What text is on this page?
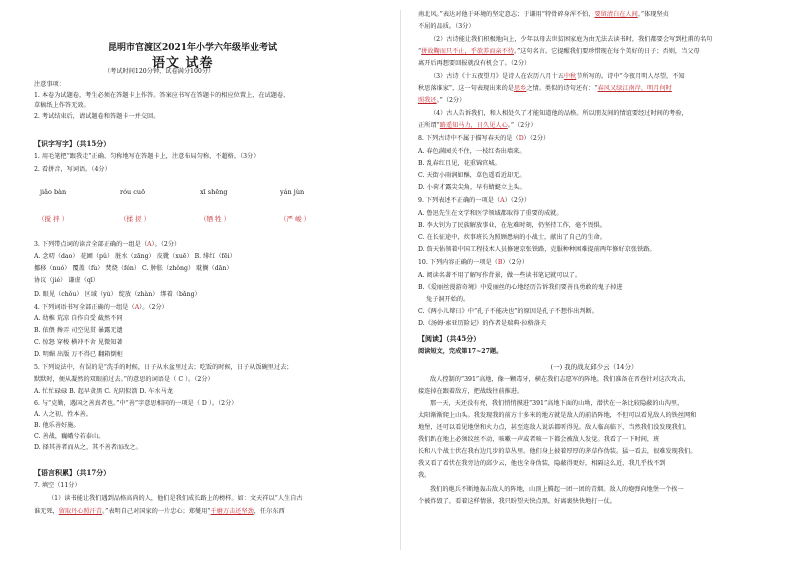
昆明市官渡区2021年小学六年级毕业考试
语文 试卷
（考试时间120分钟，试卷满分100分）
注意事项：
1. 本卷为试题卷，考生必须在答题卡上作答。答案应书写在答题卡的相应位置上，在试题卷、
草稿纸上作答无效。
2. 考试结束后，请试题卷和答题卡一并交回。
【识字写字】（共15分）
1. 用毛笔把“跟我走”正确、匀称地写在答题卡上，注意布局匀称，不超格。（3分）
2. 看拼音，写词语。（4分）
jiǎo bàn	róu cuō	xī shēng	yán jùn
（搅 拌 ）	（揉 搓 ）	（牺 牲 ）	（严 峻 ）
3. 下列带点词的读音全部正确的一组是（A）。（2分）
A. 念叨（dao） 花圃（pǔ） 脏水（zāng） 皮靴（xuē） B. 绯红（fēi）
挪移（nuó） 覆盖（fù） 焚烧（fén） C. 肿胀（zhǒng） 耽搁（dān）
协议（jié） 谦虚（qī）
D. 眼见（chǒu） 区域（yù） 绽放（zhàn） 绑着（bǎng）
4. 下列词语书写全部正确的一组是（A）。（2分）
A. 幼稚 荒凉 自作自受 截然不同
B. 依偎 搀弄 司空见贯 暴露无遗
C. 惊怒 穿梭 横冲不舍 见微知著
D. 明媚 出版 万不得已 翻箱倒柜
5. 下列说法中，有误的是“洗手的时候，日子从水盆里过去；吃饭的时候，日子从饭碗里过去；
默默时，便从凝然的双眼前过去。”的意思的词语是（ C ）。（2分）
A. 忙忙碌碌 B. 起早贪黑 C. 光阴似箭 D. 车水马龙
6. 与“克勤，遇国之善真者也。”中“善”字意思相同的一项是（ D ）。（2分）
A. 人之初，性本善。
B. 他乐善好施。
C. 善战，巍峨兮若泰山。
D. 择其善者而从之，其不善者而改之。
【语言积累】（共17分）
7. 填空（11分）
（1）读书能让我们遇到品格高尚的人，他们是我们成长路上的榜样。如：文天祥以“人生自古
谁无死，留取丹心照汗青。”表明自己对国家的一片忠心；郑燮用“千磨万击还坚劲，任尔东西
南北风。”表达对他于环境的坚定意志；于谦用“特骨碎身浑不怕，要留清白在人间。”体现坚贞
不屈的品质。（3分）
（2）古诗能让我们积极地向上，少年以母去世贫困家庭为由无法去读书时，我们都要会写到杜甫的名句
“拼故鞠而只不止，乎欲养而亲不待。”这句名言。它提醒我们要珍惜现在每个美好的日子；否则，当父母
离开后再想要回报就没有机会了。（2分）
（3）古诗《十五夜望月》是诗人在农历八月十五中秋节所写的。诗中“今夜月明人尽望，不知
秋思落谁家”，这一句表现出来的是思乡之情。类似的诗句还有：“春风又绿江南岸，明月何时
照我还。”（2分）
（4）古人告诉我们，和人相处久了才能知道他的品格。所以朋友间的情谊要经过时间的考验，
正所谓“路遥知马力，日久见人心。”（2分）
8. 下列古诗中不属于描写春天的是（D）（2分）
A. 春色满园关不住，一枝红杏出墙来。
B. 乱春红且见，花重锦官城。
C. 天街小雨润如酥，草色遥看近却无。
D. 小荷才露尖尖角，早有蜻蜓立上头。
9. 下列表述不正确的一项是（A）（2分）
A. 鲁迅先生在文学和医学领域都取得了重要的成就。
B. 李大钊为了民族解放事业，在危难时刻，仍坚持工作，毫不畏惧。
C. 在长征途中，炊事班长为照顾患病的小战士，献出了自己的生命。
D. 詹天佑领着中国工程技术人员修建京张铁路，克服种种困难提前两年修好京张铁路。
10. 下列内容正确的一项是（B）（2分）
A. 阅读名著不用了解写作背景，做一些读书笔记就可以了。
B.《爱丽丝漫游奇境》中爱丽丝的心地经历告诉我们要善良勇敢的鬼子掉进
兔子洞开始的。
C.《两小儿辩日》中“孔子不能决也”的原因是孔子不想作出判断。
D.《汤姆·索亚历险记》的作者是瑞典·拉格洛夫
【阅读】（共45分）
阅读短文，完成第17~27题。
(一) 我的战友邱少云（14分）
敌人控制的“391”高地，像一颗毒牙，横在我们志愿军的阵地。我们准备在晋巷针对这次攻击，
接连掉在跟着敌方，把战线往前推进。
那一天，天还没有亮，我们悄悄摸进“391”高地下面的山坳，潜伏在一条比较隐蔽的山沟里，
太阳渐渐爬上山头。我发现我的前方十多米的地方就是敌人的前沿阵地，不但可以看见敌人的铁丝网和
地堡，还可以看见地堡和火力点，甚至连敌人说话都听得见。敌人临高临下，当然我们没发现我们。
我们趴在地上必须纹丝不动，咳嗽一声或者咳一下都会被敌人发觉。我看了一下时间，班
长和八个战士伏在我右边几步的草丛里。他们身上披着厚厚的茅草作伪装。猛一看去，很难发现我们。
我又看了看伏在我旁边的邱少云，他也全身伪装，隐蔽得更好，相隔这么近，我几乎找不到
我。
我们的炮兵不断地轰击敌人的阵地，山顶上腾起一团一团的青烟。敌人的炮弹向地堡一个挨一
个被炸毁了，看着这样情景，我只盼望天快点黑，好离裹快快地打一仗。
